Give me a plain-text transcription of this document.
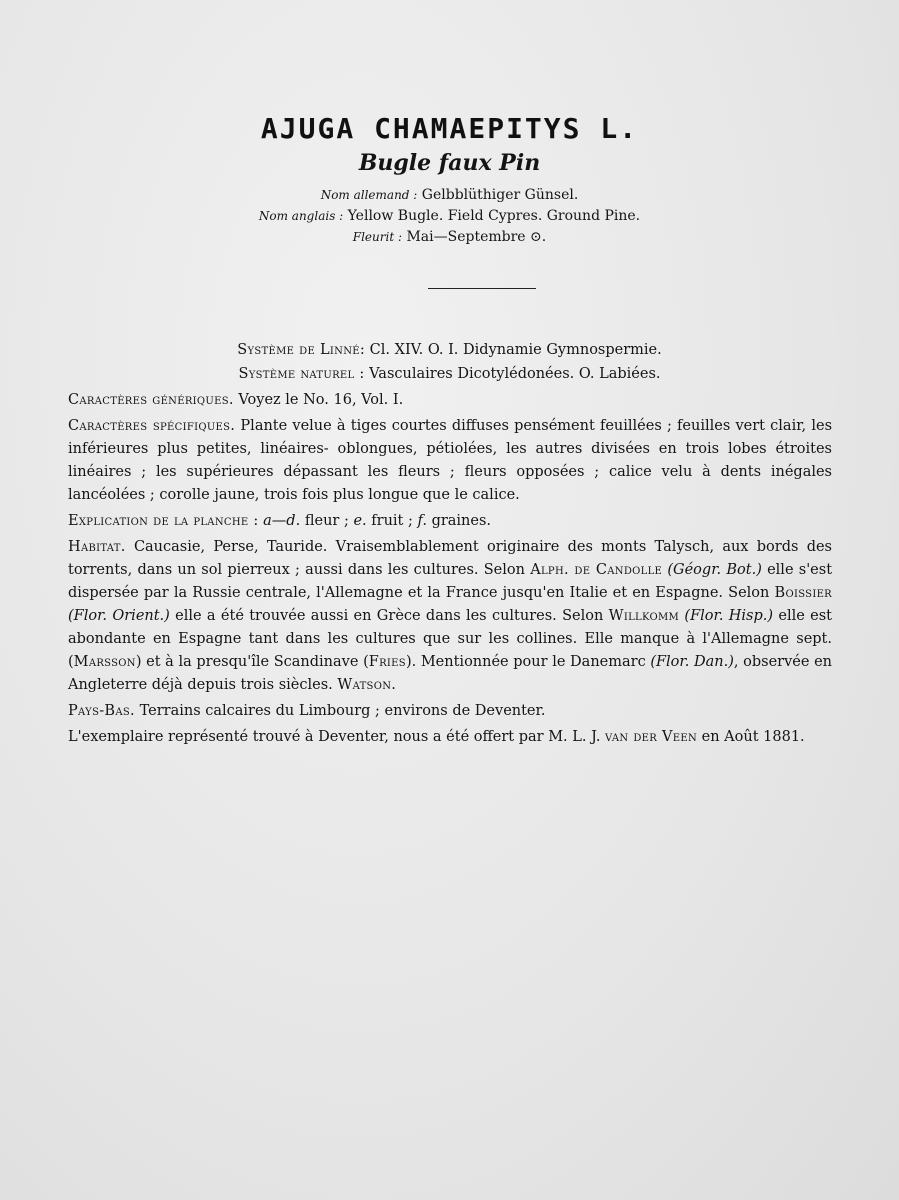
AJUGA CHAMAEPITYS L.
Bugle faux Pin
Nom allemand : Gelbblüthiger Günsel.
Nom anglais : Yellow Bugle. Field Cypres. Ground Pine.
Fleurit : Mai—Septembre ⊙.
Système de Linné: Cl. XIV. O. I. Didynamie Gymnospermie.
Système naturel : Vasculaires Dicotylédonées. O. Labiées.

Caractères génériques. Voyez le No. 16, Vol. I.

Caractères spécifiques. Plante velue à tiges courtes diffuses pensément feuillées ; feuilles vert clair, les inférieures plus petites, linéaires- oblongues, pétiolées, les autres divisées en trois lobes étroites linéaires ; les supérieures dépassant les fleurs ; fleurs opposées ; calice velu à dents inégales lancéolées ; corolle jaune, trois fois plus longue que le calice.

Explication de la planche : a—d. fleur ; e. fruit ; f. graines.

Habitat. Caucasie, Perse, Tauride. Vraisemblablement originaire des monts Talysch, aux bords des torrents, dans un sol pierreux ; aussi dans les cultures. Selon Alph. de Candolle (Géogr. Bot.) elle s'est dispersée par la Russie centrale, l'Allemagne et la France jusqu'en Italie et en Espagne. Selon Boissier (Flor. Orient.) elle a été trouvée aussi en Grèce dans les cultures. Selon Willkomm (Flor. Hisp.) elle est abondante en Espagne tant dans les cultures que sur les collines. Elle manque à l'Allemagne sept. (Marsson) et à la presqu'île Scandinave (Fries). Mentionnée pour le Danemarc (Flor. Dan.), observée en Angleterre déjà depuis trois siècles. Watson.

Pays-Bas. Terrains calcaires du Limbourg ; environs de Deventer.

L'exemplaire représenté trouvé à Deventer, nous a été offert par M. L. J. van der Veen en Août 1881.
